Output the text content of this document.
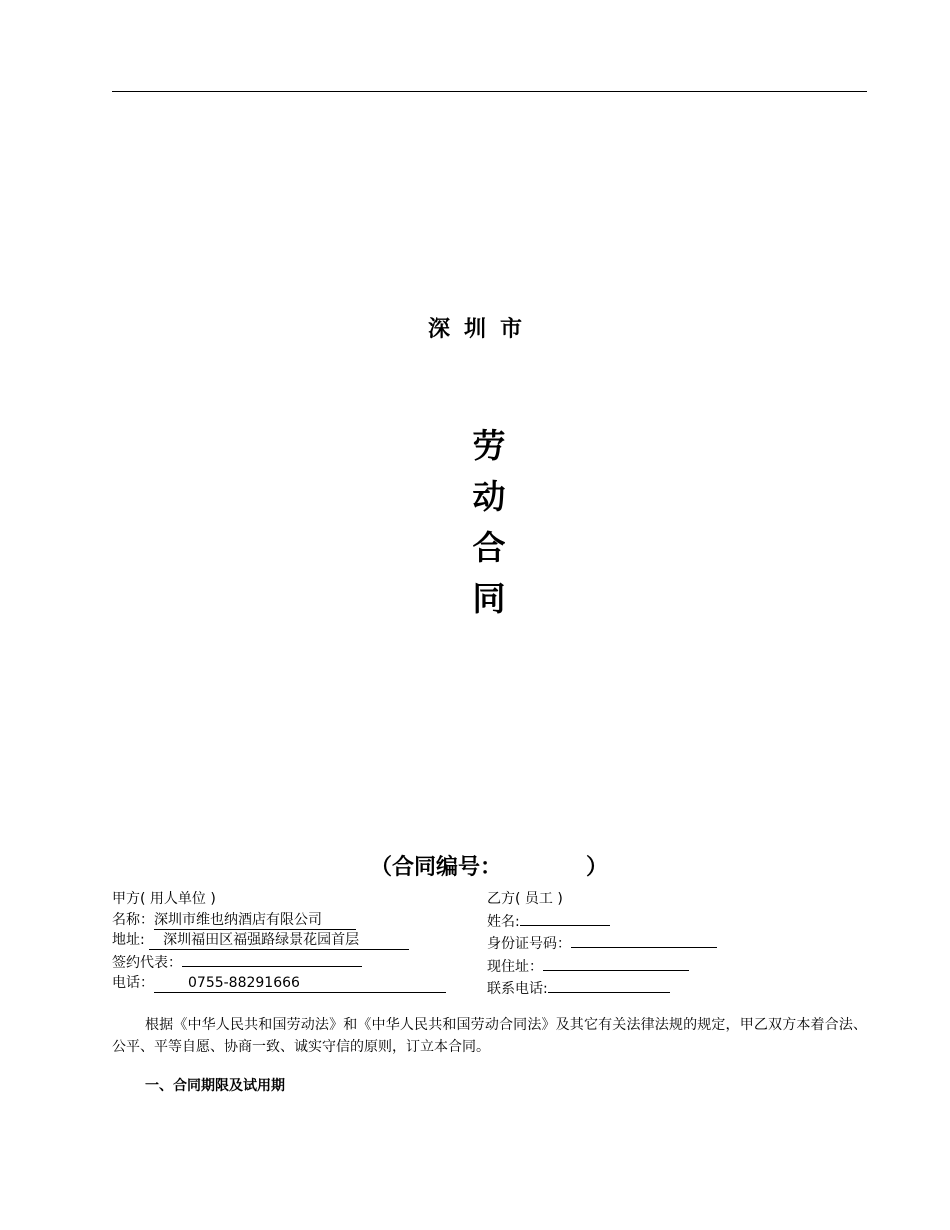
深圳市
劳
动
合
同
（合同编号：	）
甲方( 用人单位 )
名称：深圳市维也纳酒店有限公司
地址: 深圳福田区福强路绿景花园首层
签约代表：
电话： 0755-88291666
乙方( 员工 )
姓名:
身份证号码：
现住址：
联系电话:
根据《中华人民共和国劳动法》和《中华人民共和国劳动合同法》及其它有关法律法规的规定，甲乙双方本着合法、公平、平等自愿、协商一致、诚实守信的原则，订立本合同。
一、合同期限及试用期
